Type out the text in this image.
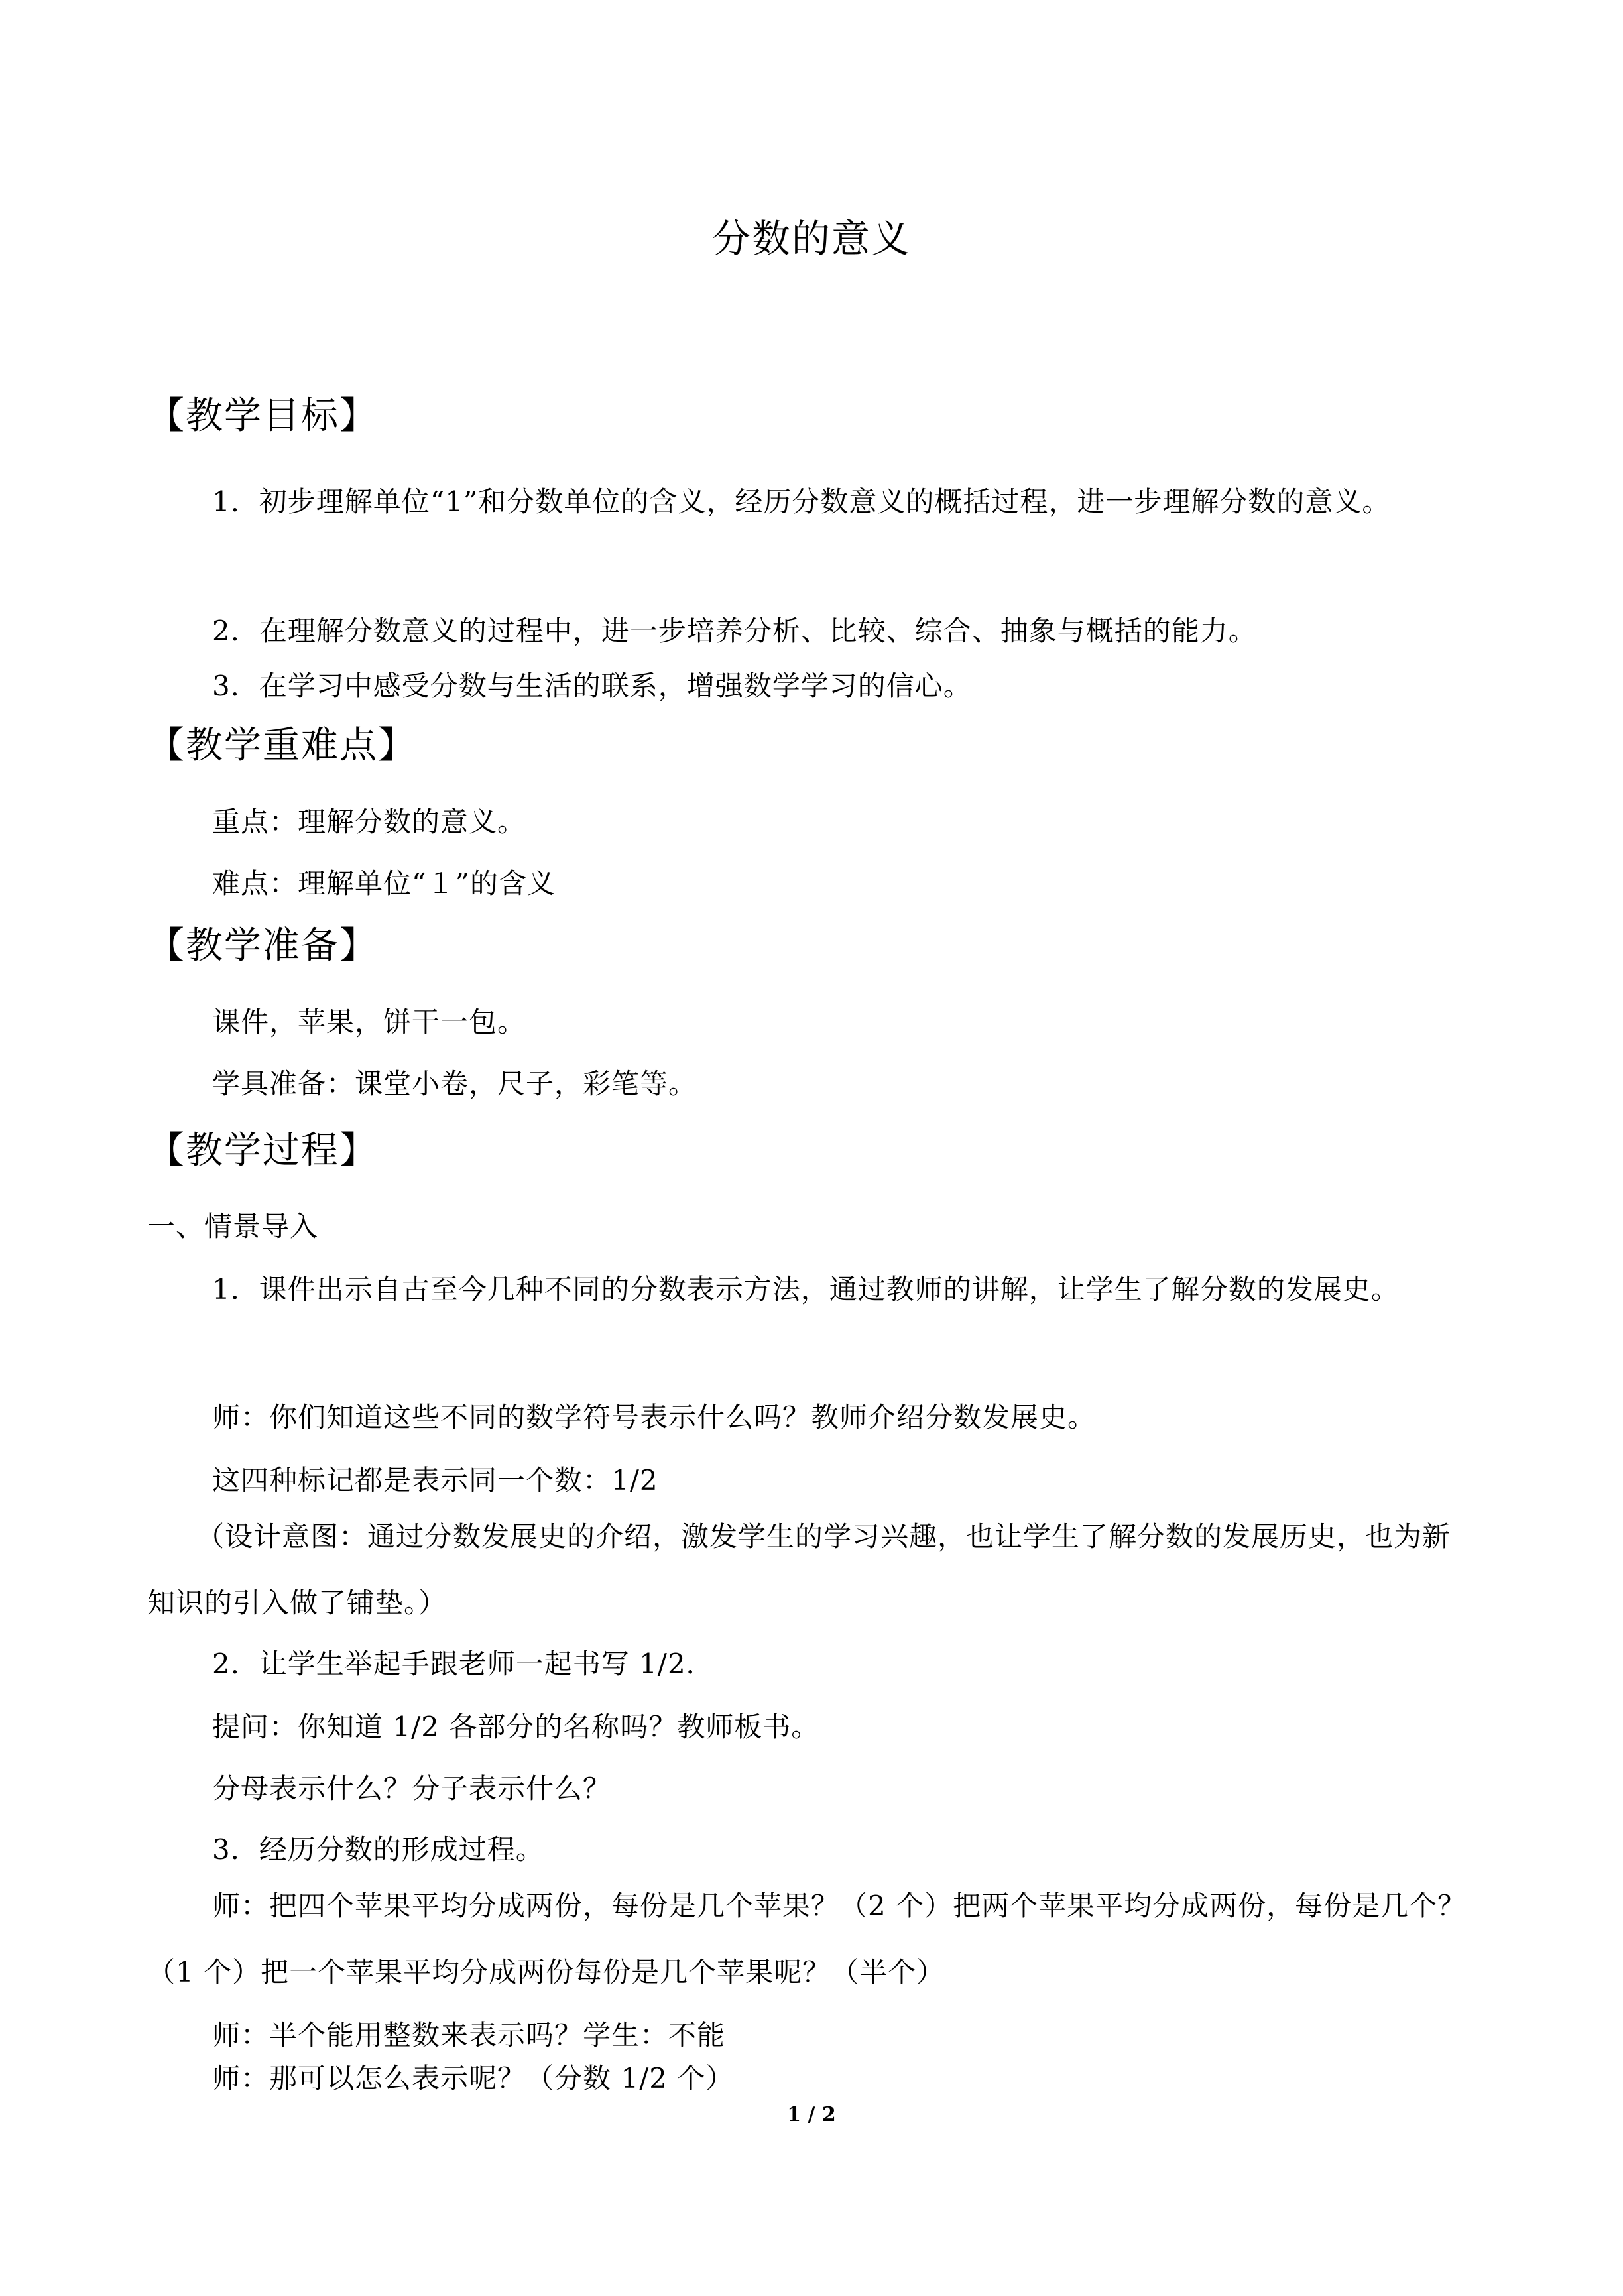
分数的意义
【教学目标】

1．初步理解单位“1”和分数单位的含义，经历分数意义的概括过程，进一步理解分数的意义。

2．在理解分数意义的过程中，进一步培养分析、比较、综合、抽象与概括的能力。
3．在学习中感受分数与生活的联系，增强数学学习的信心。
【教学重难点】
重点：理解分数的意义。
难点：理解单位“１”的含义
【教学准备】
课件，苹果，饼干一包。
学具准备：课堂小卷，尺子，彩笔等。
【教学过程】
一、情景导入

1．课件出示自古至今几种不同的分数表示方法，通过教师的讲解，让学生了解分数的发展史。

师：你们知道这些不同的数学符号表示什么吗？教师介绍分数发展史。
这四种标记都是表示同一个数：1/2

（设计意图：通过分数发展史的介绍，激发学生的学习兴趣，也让学生了解分数的发展历史，也为新知识的引入做了铺垫。）

2．让学生举起手跟老师一起书写 1/2．
提问：你知道 1/2 各部分的名称吗？教师板书。
分母表示什么？分子表示什么？
3．经历分数的形成过程。

师：把四个苹果平均分成两份，每份是几个苹果？（2 个）把两个苹果平均分成两份，每份是几个？（1 个）把一个苹果平均分成两份每份是几个苹果呢？（半个）

师：半个能用整数来表示吗？学生：不能
师：那可以怎么表示呢？（分数 1/2 个）
1 / 2
